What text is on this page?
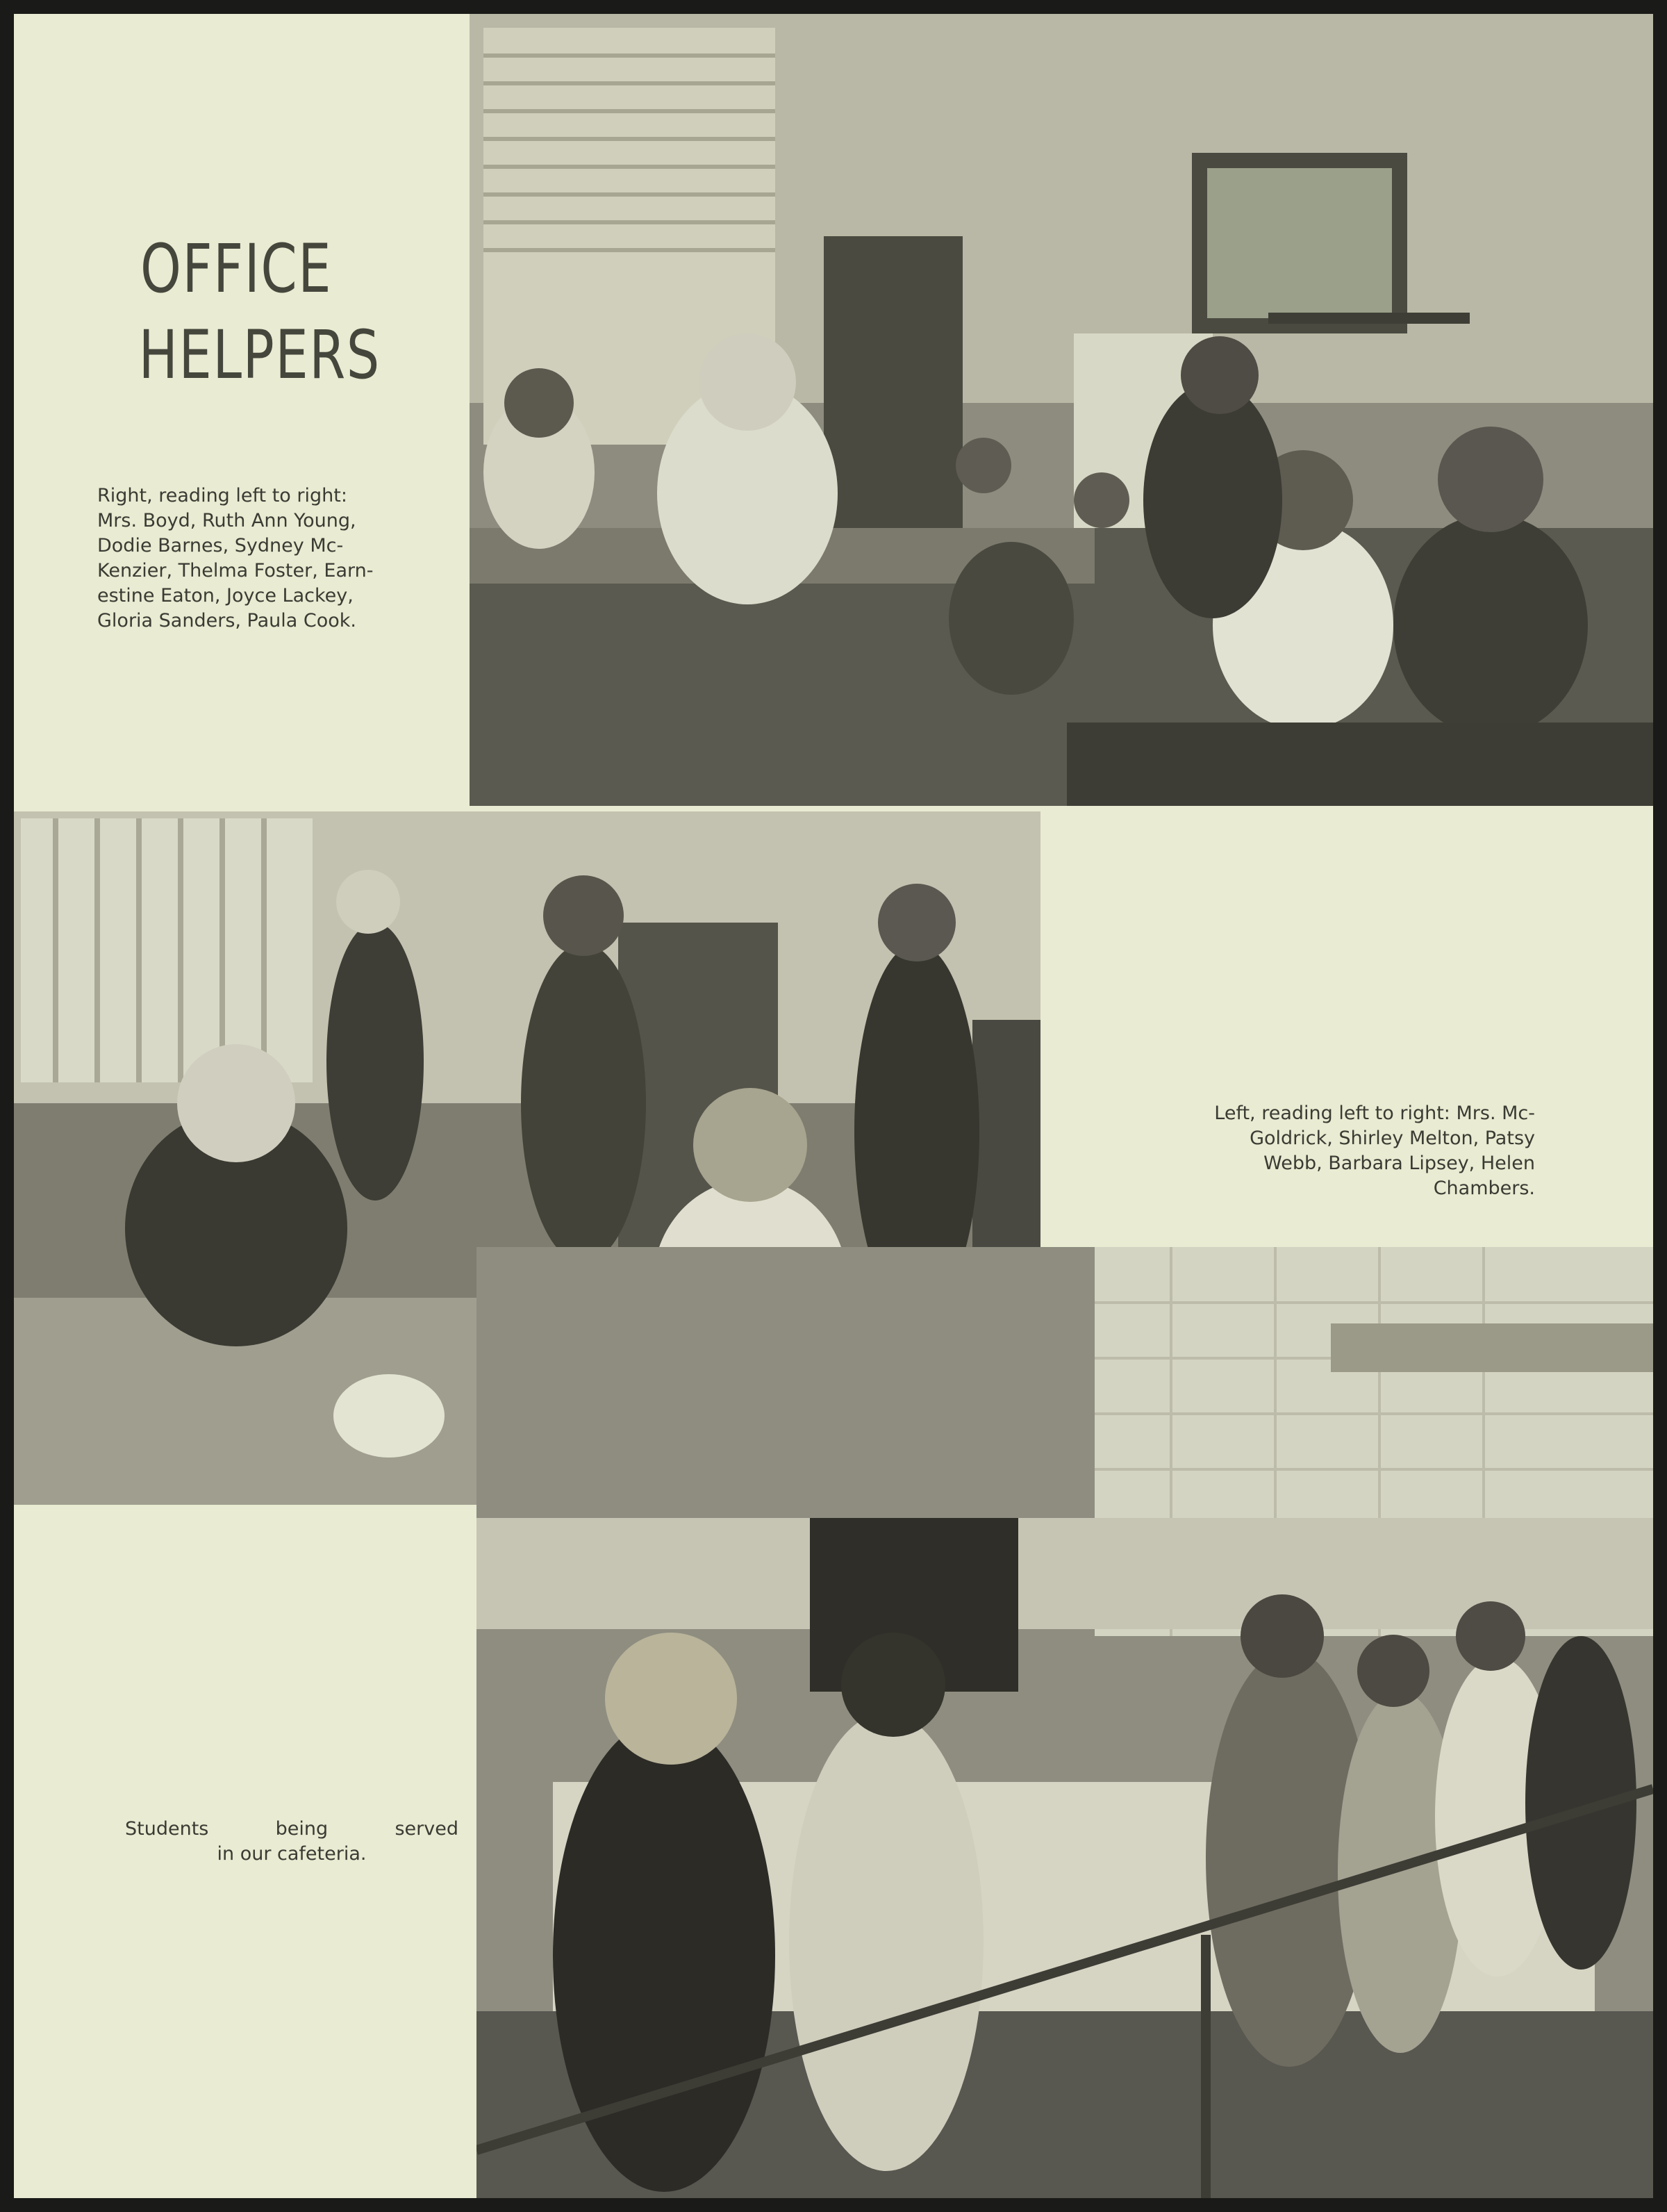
OFFICE
HELPERS
Right, reading left to right:
Mrs. Boyd, Ruth Ann Young,
Dodie Barnes, Sydney Mc-
Kenzier, Thelma Foster, Earn-
estine Eaton, Joyce Lackey,
Gloria Sanders, Paula Cook.
Left, reading left to right: Mrs. Mc-
Goldrick, Shirley Melton, Patsy
Webb, Barbara Lipsey, Helen
Chambers.
Students being served
in our cafeteria.
